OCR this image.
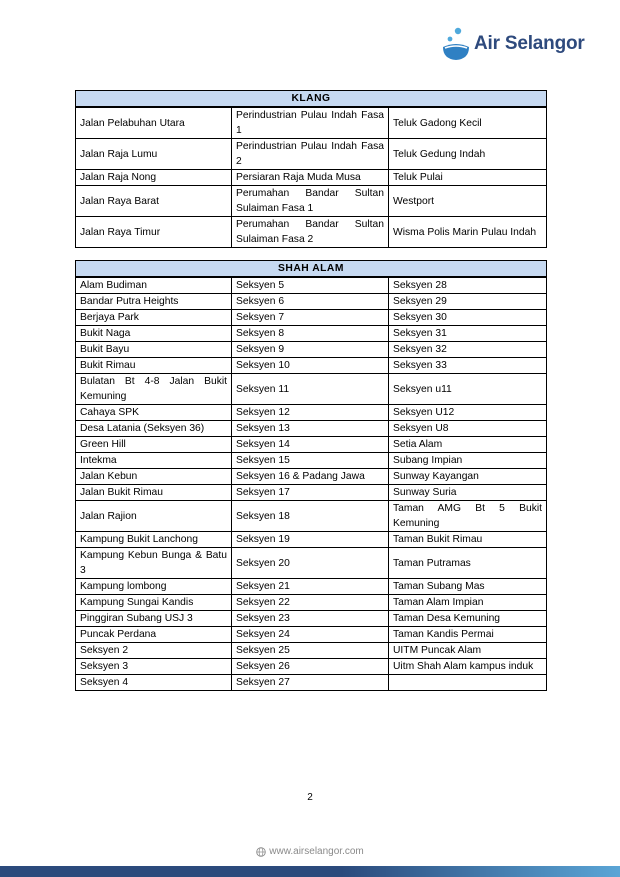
Air Selangor
KLANG		
Jalan Pelabuhan Utara	Perindustrian Pulau Indah Fasa 1	Teluk Gadong Kecil
Jalan Raja Lumu	Perindustrian Pulau Indah Fasa 2	Teluk Gedung Indah
Jalan Raja Nong	Persiaran Raja Muda Musa	Teluk Pulai
Jalan Raya Barat	Perumahan Bandar Sultan Sulaiman Fasa 1	Westport
Jalan Raya Timur	Perumahan Bandar Sultan Sulaiman Fasa 2	Wisma Polis Marin Pulau Indah
SHAH ALAM		
Alam Budiman	Seksyen 5	Seksyen 28
Bandar Putra Heights	Seksyen 6	Seksyen 29
Berjaya Park	Seksyen 7	Seksyen 30
Bukit Naga	Seksyen 8	Seksyen 31
Bukit Bayu	Seksyen 9	Seksyen 32
Bukit Rimau	Seksyen 10	Seksyen 33
Bulatan Bt 4-8 Jalan Bukit Kemuning	Seksyen 11	Seksyen u11
Cahaya SPK	Seksyen 12	Seksyen U12
Desa Latania (Seksyen 36)	Seksyen 13	Seksyen U8
Green Hill	Seksyen 14	Setia Alam
Intekma	Seksyen 15	Subang Impian
Jalan Kebun	Seksyen 16 & Padang Jawa	Sunway Kayangan
Jalan Bukit Rimau	Seksyen 17	Sunway Suria
Jalan Rajion	Seksyen 18	Taman AMG Bt 5 Bukit Kemuning
Kampung Bukit Lanchong	Seksyen 19	Taman Bukit Rimau
Kampung Kebun Bunga & Batu 3	Seksyen 20	Taman Putramas
Kampung lombong	Seksyen 21	Taman Subang Mas
Kampung Sungai Kandis	Seksyen 22	Taman Alam Impian
Pinggiran Subang USJ 3	Seksyen 23	Taman Desa Kemuning
Puncak Perdana	Seksyen 24	Taman Kandis Permai
Seksyen 2	Seksyen 25	UITM Puncak Alam
Seksyen 3	Seksyen 26	Uitm Shah Alam kampus induk
Seksyen 4	Seksyen 27	
2
www.airselangor.com
